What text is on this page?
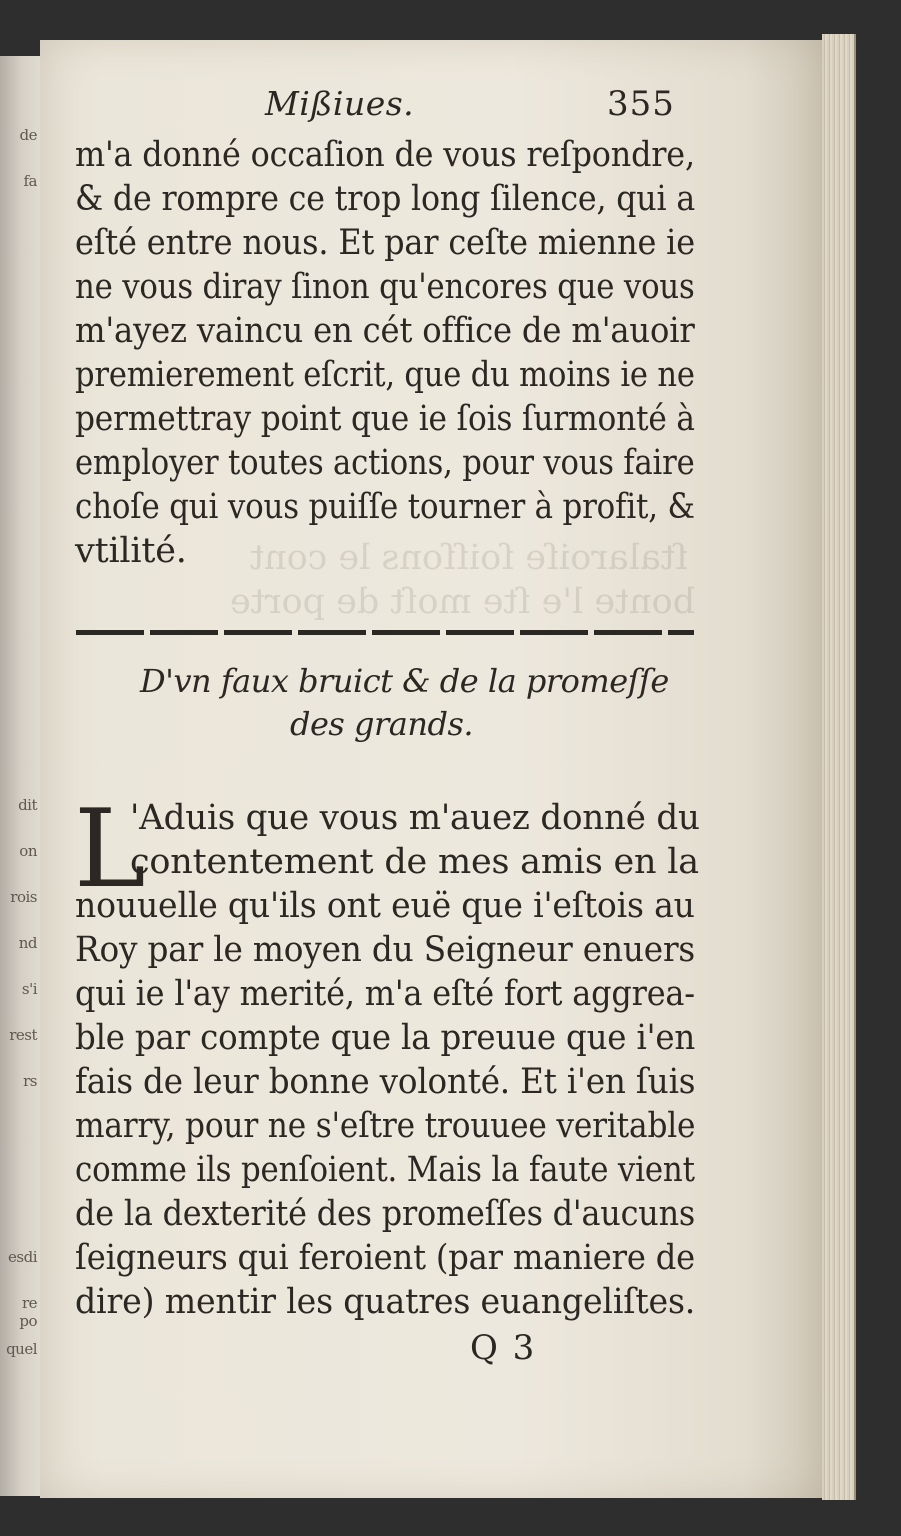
de
fa
dit
on
rois
nd
s'i
rest
rs
esdi
re po
quel
ſtalaroiſe ſoiſſons le cont
bonte l'e ſte moſt de porte
Mißiues.	355
m'a donné occaſion de vous reſpondre,
& de rompre ce trop long ſilence, qui a
eſté entre nous. Et par ceſte mienne ie
ne vous diray ſinon qu'encores que vous
m'ayez vaincu en cét office de m'auoir
premierement eſcrit, que du moins ie ne
permettray point que ie ſois ſurmonté à
employer toutes actions, pour vous faire
choſe qui vous puiſſe tourner à profit, &
vtilité.
D'vn faux bruict & de la promeſſe
des grands.
L
'Aduis que vous m'auez donné du
contentement de mes amis en la
nouuelle qu'ils ont euë que i'eſtois au
Roy par le moyen du Seigneur enuers
qui ie l'ay merité, m'a eſté fort aggrea-
ble par compte que la preuue que i'en
fais de leur bonne volonté. Et i'en ſuis
marry, pour ne s'eſtre trouuee veritable
comme ils penſoient. Mais la faute vient
de la dexterité des promeſſes d'aucuns
ſeigneurs qui feroient (par maniere de
dire) mentir les quatres euangeliſtes.
Q 3
